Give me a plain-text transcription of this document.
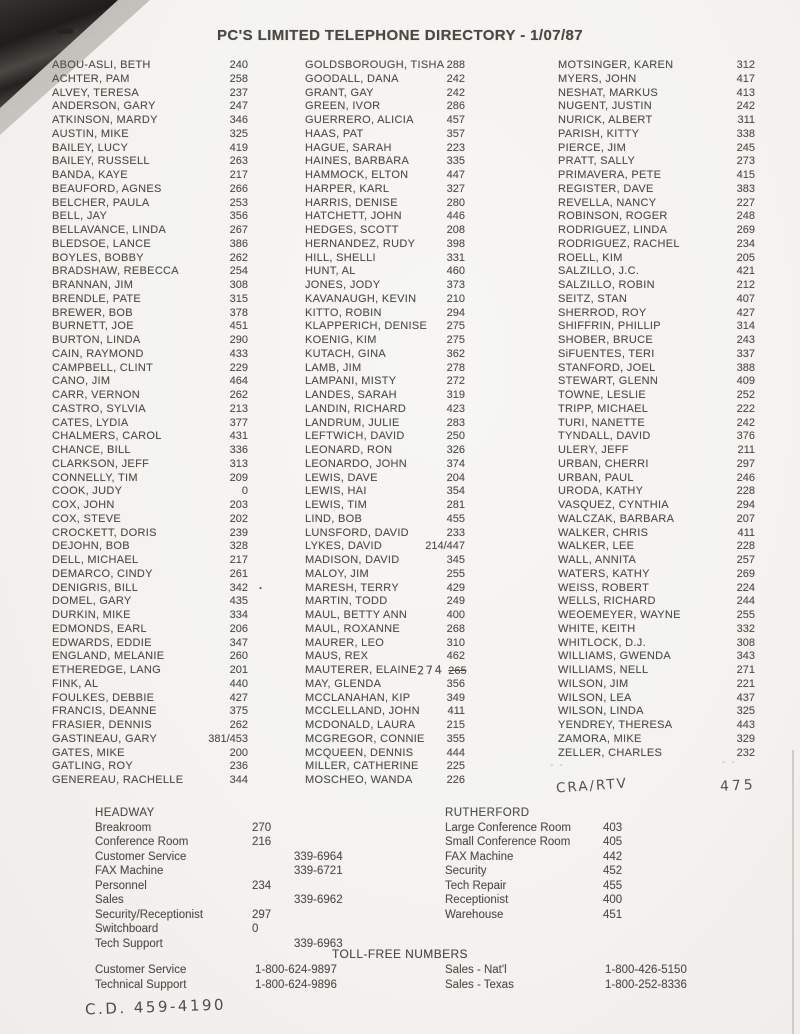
PC'S LIMITED TELEPHONE DIRECTORY - 1/07/87
ABOU-ASLI, BETH	240
ACHTER, PAM	258
ALVEY, TERESA	237
ANDERSON, GARY	247
ATKINSON, MARDY	346
AUSTIN, MIKE	325
BAILEY, LUCY	419
BAILEY, RUSSELL	263
BANDA, KAYE	217
BEAUFORD, AGNES	266
BELCHER, PAULA	253
BELL, JAY	356
BELLAVANCE, LINDA	267
BLEDSOE, LANCE	386
BOYLES, BOBBY	262
BRADSHAW, REBECCA	254
BRANNAN, JIM	308
BRENDLE, PATE	315
BREWER, BOB	378
BURNETT, JOE	451
BURTON, LINDA	290
CAIN, RAYMOND	433
CAMPBELL, CLINT	229
CANO, JIM	464
CARR, VERNON	262
CASTRO, SYLVIA	213
CATES, LYDIA	377
CHALMERS, CAROL	431
CHANCE, BILL	336
CLARKSON, JEFF	313
CONNELLY, TIM	209
COOK, JUDY	0
COX, JOHN	203
COX, STEVE	202
CROCKETT, DORIS	239
DEJOHN, BOB	328
DELL, MICHAEL	217
DEMARCO, CINDY	261
DENIGRIS, BILL	342 .
DOMEL, GARY	435
DURKIN, MIKE	334
EDMONDS, EARL	206
EDWARDS, EDDIE	347
ENGLAND, MELANIE	260
ETHEREDGE, LANG	201
FINK, AL	440
FOULKES, DEBBIE	427
FRANCIS, DEANNE	375
FRASIER, DENNIS	262
GASTINEAU, GARY	381/453
GATES, MIKE	200
GATLING, ROY	236
GENEREAU, RACHELLE	344
GOLDSBOROUGH, TISHA 288
GOODALL, DANA	242
GRANT, GAY	242
GREEN, IVOR	286
GUERRERO, ALICIA	457
HAAS, PAT	357
HAGUE, SARAH	223
HAINES, BARBARA	335
HAMMOCK, ELTON	447
HARPER, KARL	327
HARRIS, DENISE	280
HATCHETT, JOHN	446
HEDGES, SCOTT	208
HERNANDEZ, RUDY	398
HILL, SHELLI	331
HUNT, AL	460
JONES, JODY	373
KAVANAUGH, KEVIN	210
KITTO, ROBIN	294
KLAPPERICH, DENISE 275
KOENIG, KIM	275
KUTACH, GINA	362
LAMB, JIM	278
LAMPANI, MISTY	272
LANDES, SARAH	319
LANDIN, RICHARD	423
LANDRUM, JULIE	283
LEFTWICH, DAVID	250
LEONARD, RON	326
LEONARDO, JOHN	374
LEWIS, DAVE	204
LEWIS, HAI	354
LEWIS, TIM	281
LIND, BOB	455
LUNSFORD, DAVID	233
LYKES, DAVID	214/447
MADISON, DAVID	345
MALOY, JIM	255
MARESH, TERRY	429
MARTIN, TODD	249
MAUL, BETTY ANN	400
MAUL, ROXANNE	268
MAURER, LEO	310
MAUS, REX	462
MAUTERER, ELAINE 274 265
MAY, GLENDA	356
MCCLANAHAN, KIP	349
MCCLELLAND, JOHN	411
MCDONALD, LAURA	215
MCGREGOR, CONNIE 355
MCQUEEN, DENNIS	444
MILLER, CATHERINE	225
MOSCHEO, WANDA	226
MOTSINGER, KAREN	312
MYERS, JOHN	417
NESHAT, MARKUS	413
NUGENT, JUSTIN	242
NURICK, ALBERT	311
PARISH, KITTY	338
PIERCE, JIM	245
PRATT, SALLY	273
PRIMAVERA, PETE	415
REGISTER, DAVE	383
REVELLA, NANCY	227
ROBINSON, ROGER	248
RODRIGUEZ, LINDA	269
RODRIGUEZ, RACHEL	234
ROELL, KIM	205
SALZILLO, J.C.	421
SALZILLO, ROBIN	212
SEITZ, STAN	407
SHERROD, ROY	427
SHIFFRIN, PHILLIP	314
SHOBER, BRUCE	243
SiFUENTES, TERI	337
STANFORD, JOEL	388
STEWART, GLENN	409
TOWNE, LESLIE	252
TRIPP, MICHAEL	222
TURI, NANETTE	242
TYNDALL, DAVID	376
ULERY, JEFF	211
URBAN, CHERRI	297
URBAN, PAUL	246
URODA, KATHY	228
VASQUEZ, CYNTHIA	294
WALCZAK, BARBARA	207
WALKER, CHRIS	411
WALKER, LEE	228
WALL, ANNITA	257
WATERS, KATHY	269
WEISS, ROBERT	224
WELLS, RICHARD	244
WEOEMEYER, WAYNE	255
WHITE, KEITH	332
WHITLOCK, D.J.	308
WILLIAMS, GWENDA	343
WILLIAMS, NELL	271
WILSON, JIM	221
WILSON, LEA	437
WILSON, LINDA	325
YENDREY, THERESA	443
ZAMORA, MIKE	329
ZELLER, CHARLES	232
- -	- -
CRA/RTV	475
HEADWAY
Breakroom	270
Conference Room	216
Customer Service	339-6964
FAX Machine	339-6721
Personnel	234
Sales	339-6962
Security/Receptionist	297
Switchboard	0
Tech Support	339-6963
RUTHERFORD
Large Conference Room	403
Small Conference Room	405
FAX Machine	442
Security	452
Tech Repair	455
Receptionist	400
Warehouse	451
TOLL-FREE NUMBERS
Customer Service	1-800-624-9897	Sales - Nat'l	1-800-426-5150
Technical Support	1-800-624-9896	Sales - Texas	1-800-252-8336
C.D. 459-4190
